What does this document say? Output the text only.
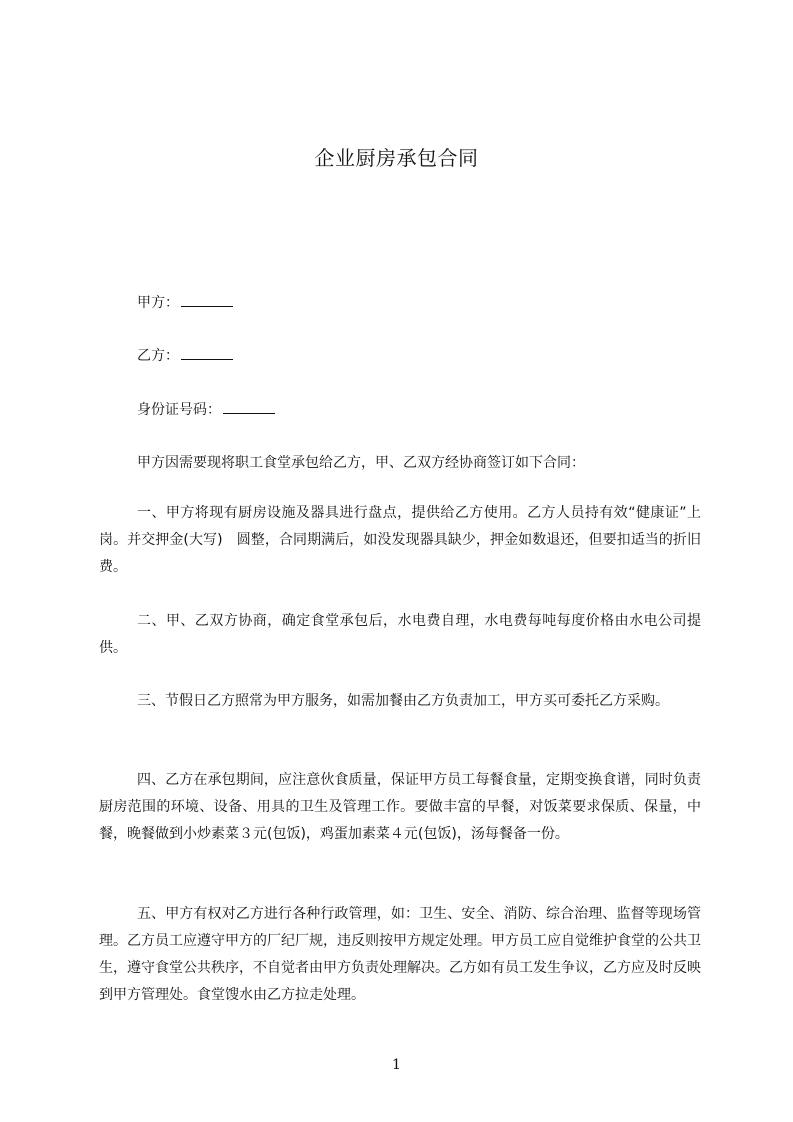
企业厨房承包合同
甲方：
乙方：
身份证号码：
甲方因需要现将职工食堂承包给乙方，甲、乙双方经协商签订如下合同：
一、甲方将现有厨房设施及器具进行盘点，提供给乙方使用。乙方人员持有效“健康证”上岗。并交押金(大写)　圆整，合同期满后，如没发现器具缺少，押金如数退还，但要扣适当的折旧费。
二、甲、乙双方协商，确定食堂承包后，水电费自理，水电费每吨每度价格由水电公司提供。
三、节假日乙方照常为甲方服务，如需加餐由乙方负责加工，甲方买可委托乙方采购。
四、乙方在承包期间，应注意伙食质量，保证甲方员工每餐食量，定期变换食谱，同时负责厨房范围的环境、设备、用具的卫生及管理工作。要做丰富的早餐，对饭菜要求保质、保量，中餐，晚餐做到小炒素菜３元(包饭)，鸡蛋加素菜４元(包饭)，汤每餐备一份。
五、甲方有权对乙方进行各种行政管理，如：卫生、安全、消防、综合治理、监督等现场管理。乙方员工应遵守甲方的厂纪厂规，违反则按甲方规定处理。甲方员工应自觉维护食堂的公共卫生，遵守食堂公共秩序，不自觉者由甲方负责处理解决。乙方如有员工发生争议，乙方应及时反映到甲方管理处。食堂馊水由乙方拉走处理。
1
